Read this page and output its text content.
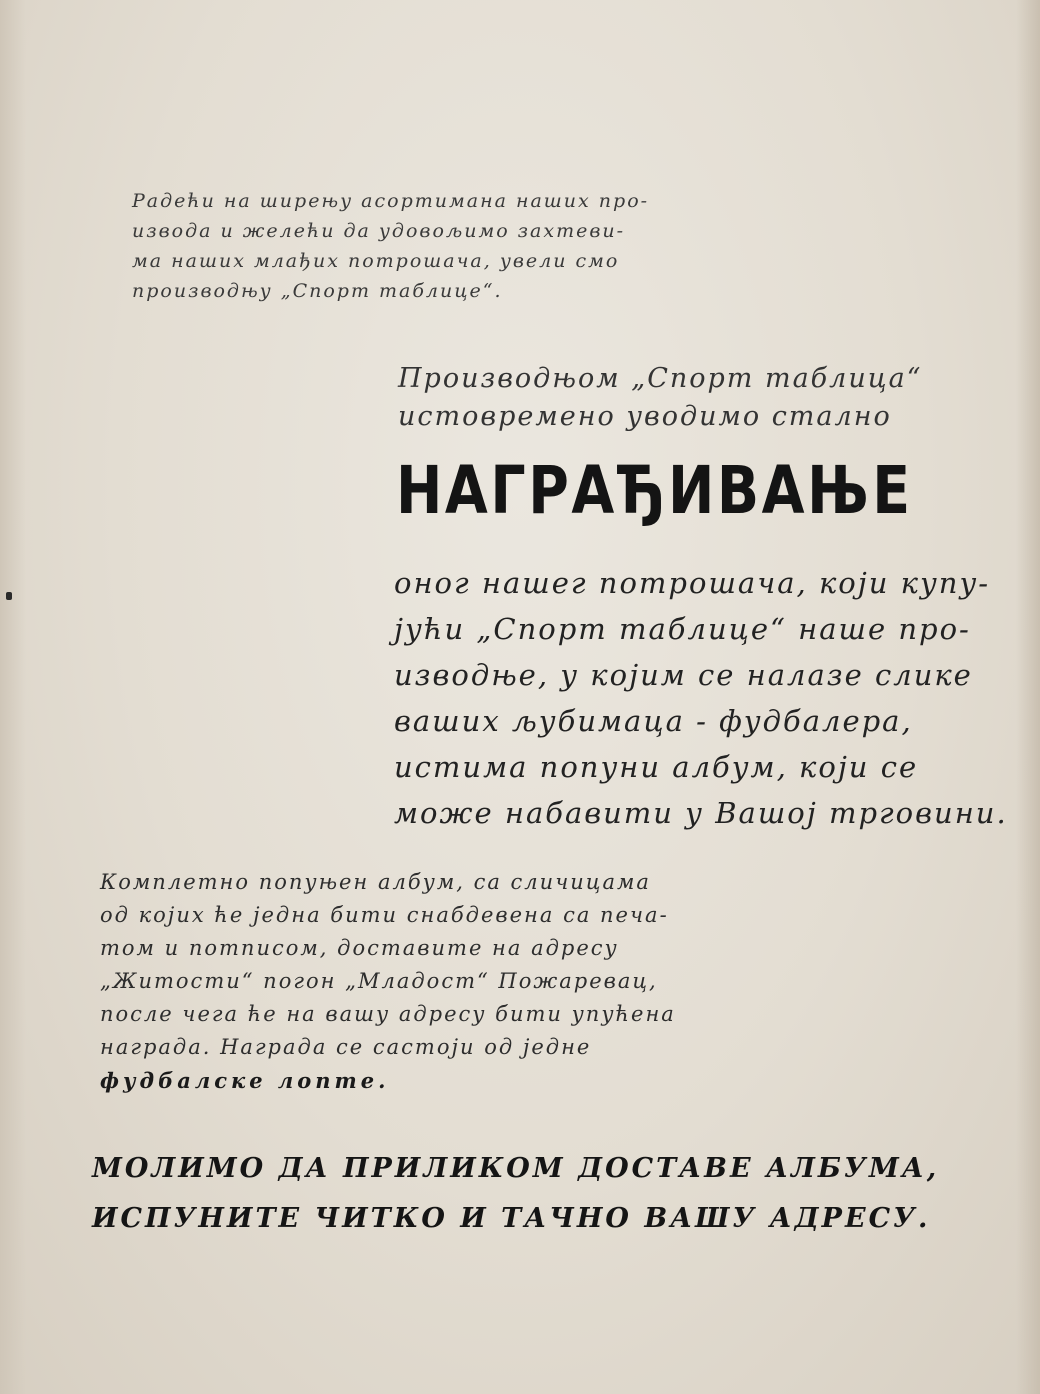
Радећи на ширењу асортимана наших про-

извода и желећи да удовољимо захтеви-

ма наших млађих потрошача, увели смо

производњу „Спорт таблице“.

Производњом „Спорт таблица“

истовремено уводимо стално

НАГРАЂИВАЊЕ

оног нашег потрошача, који купу-

јући „Спорт таблице“ наше про-

изводње, у којим се налазе слике

ваших љубимаца - фудбалера,

истима попуни албум, који се

може набавити у Вашој трговини.

Комплетно попуњен албум, са сличицама

од којих ће једна бити снабдевена са печа-

том и потписом, доставите на адресу

„Житости“ погон „Младост“ Пожаревац,

после чега ће на вашу адресу бити упућена

награда. Награда се састоји од једне

фудбалске лопте.

МОЛИМО ДА ПРИЛИКОМ ДОСТАВЕ АЛБУМА,

ИСПУНИТЕ ЧИТКО И ТАЧНО ВАШУ АДРЕСУ.
